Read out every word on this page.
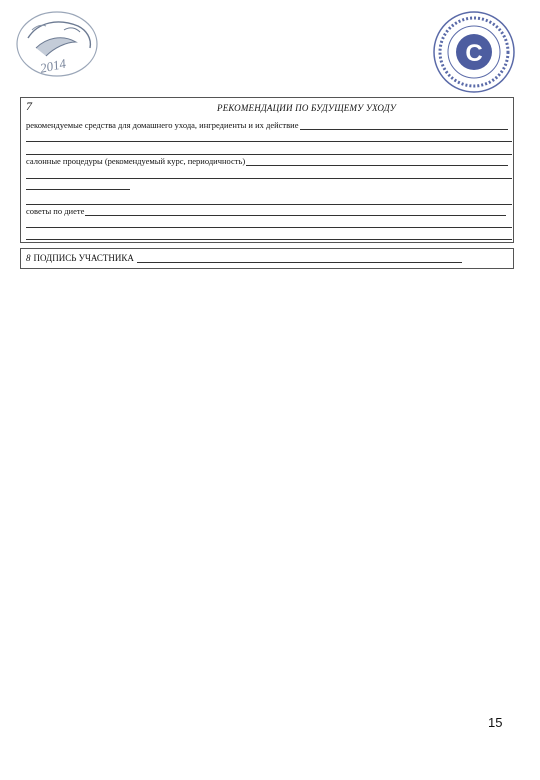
2014	C
7	РЕКОМЕНДАЦИИ ПО БУДУЩЕМУ УХОДУ
рекомендуемые средства для домашнего ухода, ингредиенты и их действие
салонные процедуры (рекомендуемый курс, периодичность)
советы по диете
8 ПОДПИСЬ УЧАСТНИКА
15
